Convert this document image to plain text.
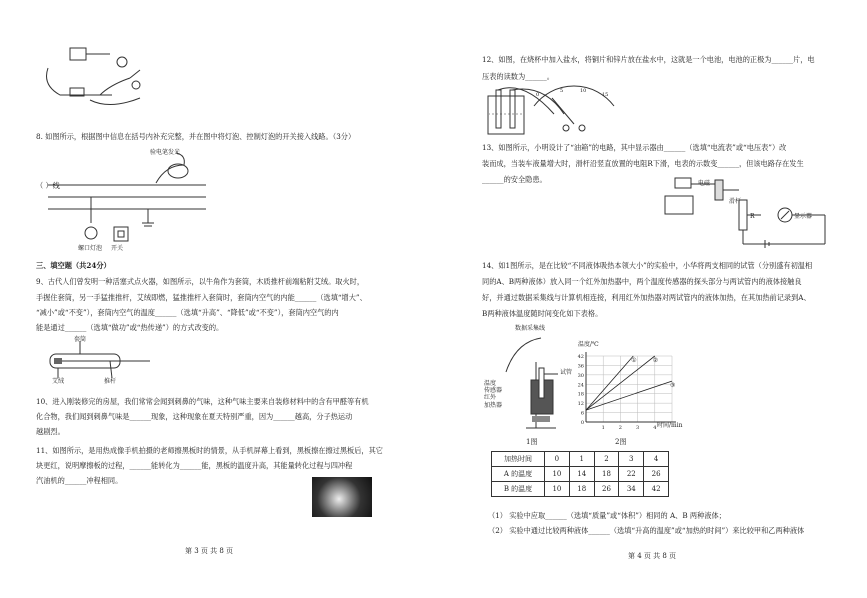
8. 如图所示，根据图中信息在括号内补充完整，并在图中将灯泡、控制灯泡的开关接入线路。（3分）
验电笔发光
（ ）线
螺口灯泡 开关
三、填空题（共24分）
9、古代人们曾发明一种活塞式点火器，如图所示，以牛角作为套筒，木质推杆前端粘附艾绒。取火时，
手握住套筒，另一手猛推推杆，艾绒即燃，猛推推杆入套筒时，套筒内空气的内能______（选填“增大”、
“减小”或“不变”），套筒内空气的温度______（选填“升高”、“降低”或“不变”），套筒内空气的内
能是通过______（选填“做功”或“热传递”）的方式改变的。
套筒
艾绒	推杆
10、进入刚装修完的房屋，我们常常会闻到刺鼻的气味，这种气味主要来自装修材料中的含有甲醛等有机
化合物，我们闻到刺鼻气味是______现象，这种现象在夏天特别严重，因为______越高，分子热运动
越剧烈。
11、如图所示，是用热成像手机拍摄的老师擦黑板时的情景，从手机屏幕上看到，黑板擦在擦过黑板后，其它
块更红，说明摩擦板的过程，______能转化为______能，黑板的温度升高，其能量转化过程与四冲程
汽油机的______冲程相同。
第 3 页 共 8 页
12、如图，在烧杯中加入盐水，将铜片和锌片放在盐水中，这就是一个电池，电池的正极为______片，电
压表的读数为______。
0
5	10
15
13、如图所示，小明设计了“油箱”的电路，其中显示器由______（选填“电流表”或“电压表”）改
装而成，当装车液量增大时，滑杆沿竖直放置的电阻R下滑，电表的示数变______，但该电路存在发生
______的安全隐患。	电磁
滑杆
R	显示器
14、如1图所示，是在比较“不同液体吸热本领大小”的实验中，小华将两支相同的试管（分别盛有初温相
同的A、B两种液体）放入同一个红外加热器中，两个温度传感器的探头部分与两试管内的液体接触良
好，并通过数据采集线与计算机相连接，利用红外加热器对两试管内的液体加热，在其加热前记录到A、
B两种液体温度随时间变化如下表格。
数据采集线
试管
温度
传感器
红外
加热器
1图
温度/℃
0
6
12
18
24
30
36
42
1	2	3	4
①	②
③
时间/min
2图
加热时间	0	1	2	3	4
A 的温度	10	14	18	22	26
B 的温度	10	18	26	34	42
（1） 实验中应取______（选填“质量”或“体积”）相同的 A、B 两种液体；
（2） 实验中通过比较两种液体______（选填“升高的温度”或“加热的时间”）来比较甲和乙两种液体
第 4 页 共 8 页
